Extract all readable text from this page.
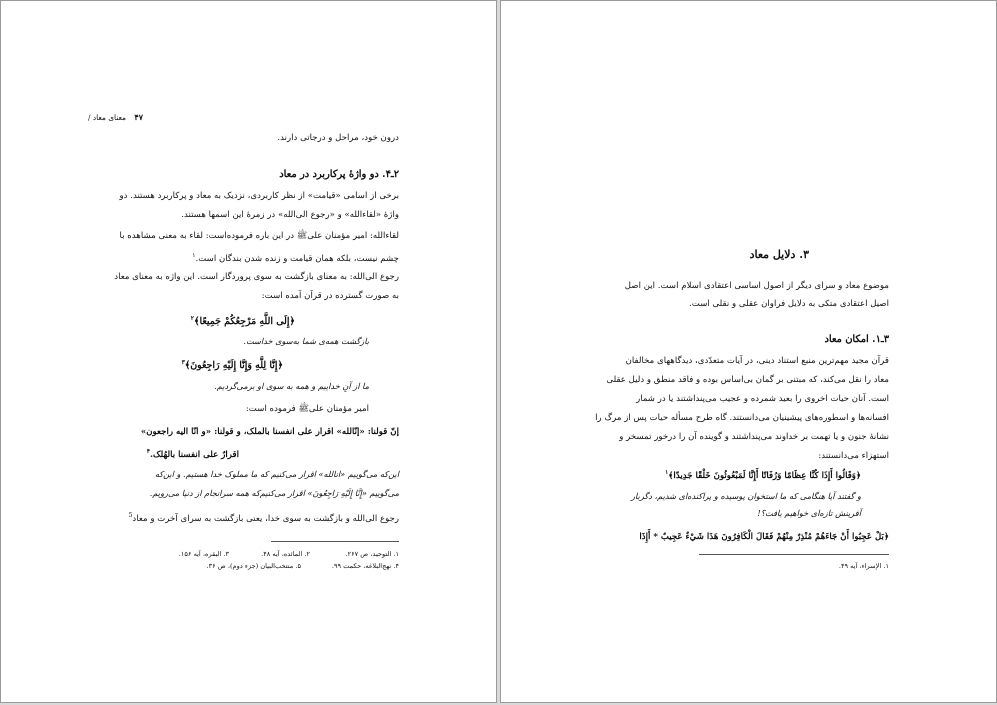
۴۷
معنای معاد /
درون خود، مراحل و درجاتی دارند.
۲ـ۴. دو واژهٔ پرکاربرد در معاد
برخی از اسامی «قیامت» از نظر کاربردی، نزدیک به معاد و پرکاربرد هستند. دو
واژهٔ «لقاءالله» و «رجوع الی‌الله» در زمرهٔ این اسمها هستند.
لقاءالله: امیر مؤمنان علیﷺ در این باره فرموده‌است: لقاء به معنی مشاهده با
چشم نیست، بلکه همان قیامت و زنده شدن بندگان است.$^۱$
رجوع الی‌الله: به معنای بازگشت به سوی پروردگار است. این واژه به معنای معاد
به صورت گسترده در قرآن آمده است:
﴿إِلَى اللَّهِ مَرْجِعُكُمْ جَمِيعًا﴾$^۲$
بازگشت همه‌ی شما به‌سوی خداست.
﴿إِنَّا لِلَّهِ وَإِنَّا إِلَيْهِ رَاجِعُونَ﴾$^۳$
ما از آنِ خداییم و همه به سوی او برمی‌گردیم.
امیر مؤمنان علیﷺ فرموده است:
إنّ قولنا: «إنّالله» اقرار علی انفسنا بالملک، و قولنا: «و انّا الیه راجعون»
اقرارٌ علی انفسنا بالهُلک.$^۴$
این‌که می‌گوییم «انالله» اقرار می‌کنیم که ما مملوک خدا هستیم. و این‌که
می‌گوییم «إِنَّا إِلَيْهِ رَاجِعُونَ» اقرار می‌کنیم‌که همه سرانجام از دنیا می‌رویم.
رجوع الی‌الله و بازگشت به سوی خدا، یعنی بازگشت به سرای آخرت و معاد$^5$
۱. التوحید، ص ۲۶۷.
۲. المائده، آیه ۴۸.
۳. البقره، آیه ۱۵۶.
۴. نهج‌البلاغه، حکمت ۹۹.
۵. منتخب‌البیان (جزء دوم)، ص ۳۶.
۳. دلایل معاد
موضوع معاد و سرای دیگر از اصول اساسی اعتقادی اسلام است. این اصل
اصیل اعتقادی متکی به دلایل فراوان عقلی و نقلی است.
۳ـ۱. امکان معاد
قرآن مجید مهم‌ترین منبع استناد دینی، در آیات متعدّدی، دیدگاههای مخالفان
معاد را نقل می‌کند، که مبتنی بر گمان بی‌اساس بوده و فاقد منطق و دلیل عقلی
است. آنان حیات اخروی را بعید شمرده و عجیب می‌پنداشتند یا در شمار
افسانه‌ها و اسطوره‌های پیشینیان می‌دانستند. گاه طرح مسأله حیات پس از مرگ را
نشانهٔ جنون و یا تهمت بر خداوند می‌پنداشتند و گوینده آن را درخور تمسخر و
استهزاء می‌دانستند:
﴿وَقَالُوا أَإِذَا كُنَّا عِظَامًا وَرُفَاتًا أَإِنَّا لَمَبْعُوثُونَ خَلْقًا جَدِيدًا﴾$^۱$
و گفتند آیا هنگامی که ما استخوان پوسیده و پراکنده‌ای شدیم، دگربار
آفرینش تازه‌ای خواهیم یافت؟!
﴿بَلْ عَجِبُوا أَنْ جَاءَهُمْ مُنْذِرٌ مِنْهُمْ فَقَالَ الْكَافِرُونَ هَذَا شَيْءٌ عَجِيبٌ * أَإِذَا
۱. الإسراء، آیه ۴۹.
